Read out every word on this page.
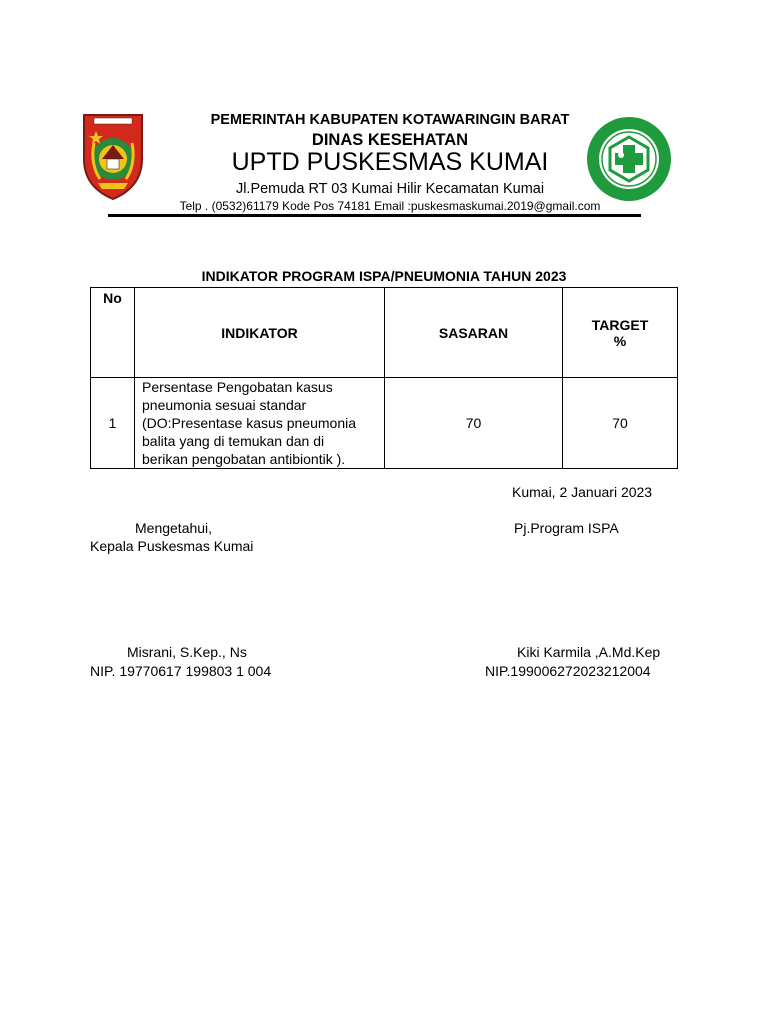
PEMERINTAH KABUPATEN KOTAWARINGIN BARAT
DINAS KESEHATAN
UPTD PUSKESMAS KUMAI
Jl.Pemuda RT 03 Kumai Hilir Kecamatan Kumai
Telp . (0532)61179 Kode Pos 74181 Email :puskesmaskumai.2019@gmail.com
INDIKATOR PROGRAM ISPA/PNEUMONIA TAHUN 2023
No	INDIKATOR	SASARAN	TARGET
%

1	Persentase Pengobatan kasus
pneumonia sesuai standar
(DO:Presentase kasus pneumonia
balita yang di temukan dan di
berikan pengobatan antibiontik ).	70	70
Kumai, 2 Januari 2023
Mengetahui,
Kepala Puskesmas Kumai
Pj.Program ISPA
Misrani, S.Kep., Ns
NIP. 19770617 199803 1 004
Kiki Karmila ,A.Md.Kep
NIP.199006272023212004
